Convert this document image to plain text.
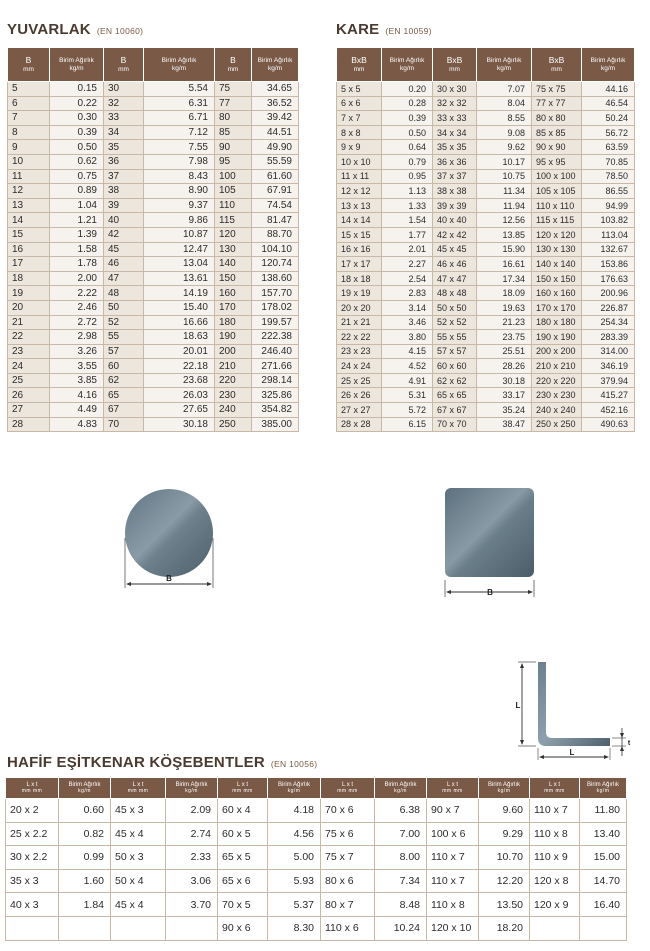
YUVARLAK (EN 10060)	KARE (EN 10059)
HAFİF EŞİTKENAR KÖŞEBENTLER (EN 10056)
B
mm	Birim Ağırlık
kg/m	B
mm	Birim Ağırlık
kg/m	B
mm	Birim Ağırlık
kg/m

5	0.15	30	5.54	75	34.65
6	0.22	32	6.31	77	36.52
7	0.30	33	6.71	80	39.42
8	0.39	34	7.12	85	44.51
9	0.50	35	7.55	90	49.90
10	0.62	36	7.98	95	55.59
11	0.75	37	8.43	100	61.60
12	0.89	38	8.90	105	67.91
13	1.04	39	9.37	110	74.54
14	1.21	40	9.86	115	81.47
15	1.39	42	10.87	120	88.70
16	1.58	45	12.47	130	104.10
17	1.78	46	13.04	140	120.74
18	2.00	47	13.61	150	138.60
19	2.22	48	14.19	160	157.70
20	2.46	50	15.40	170	178.02
21	2.72	52	16.66	180	199.57
22	2.98	55	18.63	190	222.38
23	3.26	57	20.01	200	246.40
24	3.55	60	22.18	210	271.66
25	3.85	62	23.68	220	298.14
26	4.16	65	26.03	230	325.86
27	4.49	67	27.65	240	354.82
28	4.83	70	30.18	250	385.00
BxB
mm	Birim Ağırlık
kg/m	BxB
mm	Birim Ağırlık
kg/m	BxB
mm	Birim Ağırlık
kg/m

5 x 5	0.20	30 x 30	7.07	75 x 75	44.16
6 x 6	0.28	32 x 32	8.04	77 x 77	46.54
7 x 7	0.39	33 x 33	8.55	80 x 80	50.24
8 x 8	0.50	34 x 34	9.08	85 x 85	56.72
9 x 9	0.64	35 x 35	9.62	90 x 90	63.59
10 x 10	0.79	36 x 36	10.17	95 x 95	70.85
11 x 11	0.95	37 x 37	10.75	100 x 100	78.50
12 x 12	1.13	38 x 38	11.34	105 x 105	86.55
13 x 13	1.33	39 x 39	11.94	110 x 110	94.99
14 x 14	1.54	40 x 40	12.56	115 x 115	103.82
15 x 15	1.77	42 x 42	13.85	120 x 120	113.04
16 x 16	2.01	45 x 45	15.90	130 x 130	132.67
17 x 17	2.27	46 x 46	16.61	140 x 140	153.86
18 x 18	2.54	47 x 47	17.34	150 x 150	176.63
19 x 19	2.83	48 x 48	18.09	160 x 160	200.96
20 x 20	3.14	50 x 50	19.63	170 x 170	226.87
21 x 21	3.46	52 x 52	21.23	180 x 180	254.34
22 x 22	3.80	55 x 55	23.75	190 x 190	283.39
23 x 23	4.15	57 x 57	25.51	200 x 200	314.00
24 x 24	4.52	60 x 60	28.26	210 x 210	346.19
25 x 25	4.91	62 x 62	30.18	220 x 220	379.94
26 x 26	5.31	65 x 65	33.17	230 x 230	415.27
27 x 27	5.72	67 x 67	35.24	240 x 240	452.16
28 x 28	6.15	70 x 70	38.47	250 x 250	490.63
B
B
L
L
t
L x t
mm mm	Birim Ağırlık
kg/m	L x t
mm mm	Birim Ağırlık
kg/m	L x t
mm mm	Birim Ağırlık
kg/m	L x t
mm mm	Birim Ağırlık
kg/m	L x t
mm mm	Birim Ağırlık
kg/m	L x t
mm mm	Birim Ağırlık
kg/m

20 x 2	0.60	45 x 3	2.09	60 x 4	4.18	70 x 6	6.38	90 x 7	9.60	110 x 7	11.80
25 x 2.2	0.82	45 x 4	2.74	60 x 5	4.56	75 x 6	7.00	100 x 6	9.29	110 x 8	13.40
30 x 2.2	0.99	50 x 3	2.33	65 x 5	5.00	75 x 7	8.00	110 x 7	10.70	110 x 9	15.00
35 x 3	1.60	50 x 4	3.06	65 x 6	5.93	80 x 6	7.34	110 x 7	12.20	120 x 8	14.70
40 x 3	1.84	45 x 4	3.70	70 x 5	5.37	80 x 7	8.48	110 x 8	13.50	120 x 9	16.40
				90 x 6	8.30	110 x 6	10.24	120 x 10	18.20		
